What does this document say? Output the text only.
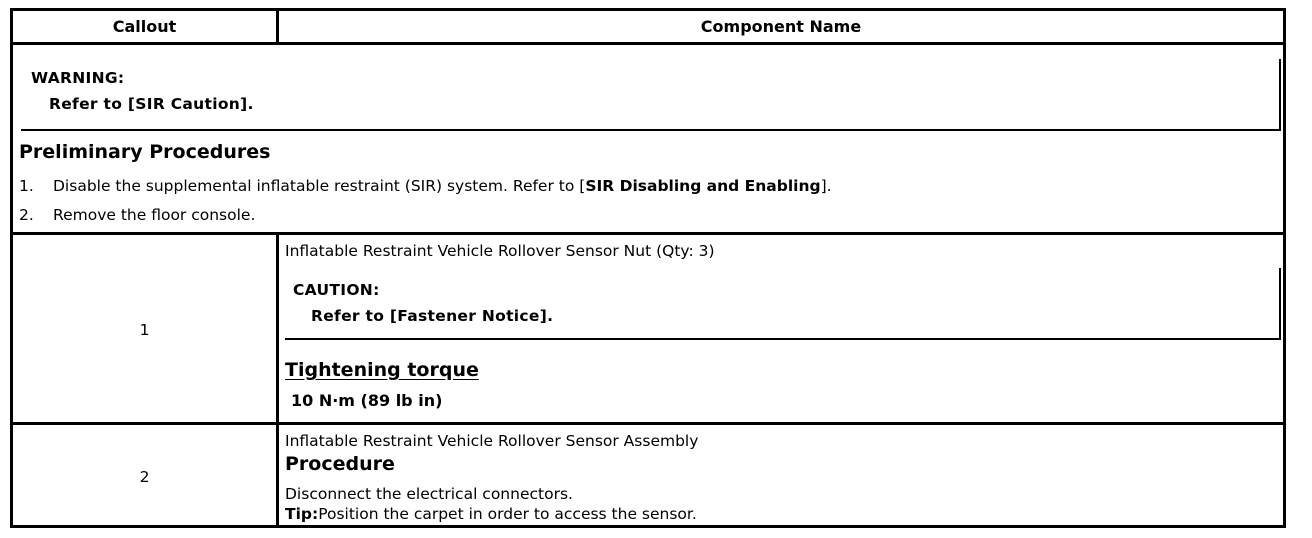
Callout	Component Name
WARNING:
Refer to [SIR Caution].
Preliminary Procedures
1. Disable the supplemental inflatable restraint (SIR) system. Refer to [SIR Disabling and Enabling].
2. Remove the floor console.
1
Inflatable Restraint Vehicle Rollover Sensor Nut (Qty: 3)
CAUTION:
Refer to [Fastener Notice].
Tightening torque
10 N·m (89 lb in)
2
Inflatable Restraint Vehicle Rollover Sensor Assembly
Procedure
Disconnect the electrical connectors.
Tip:Position the carpet in order to access the sensor.
